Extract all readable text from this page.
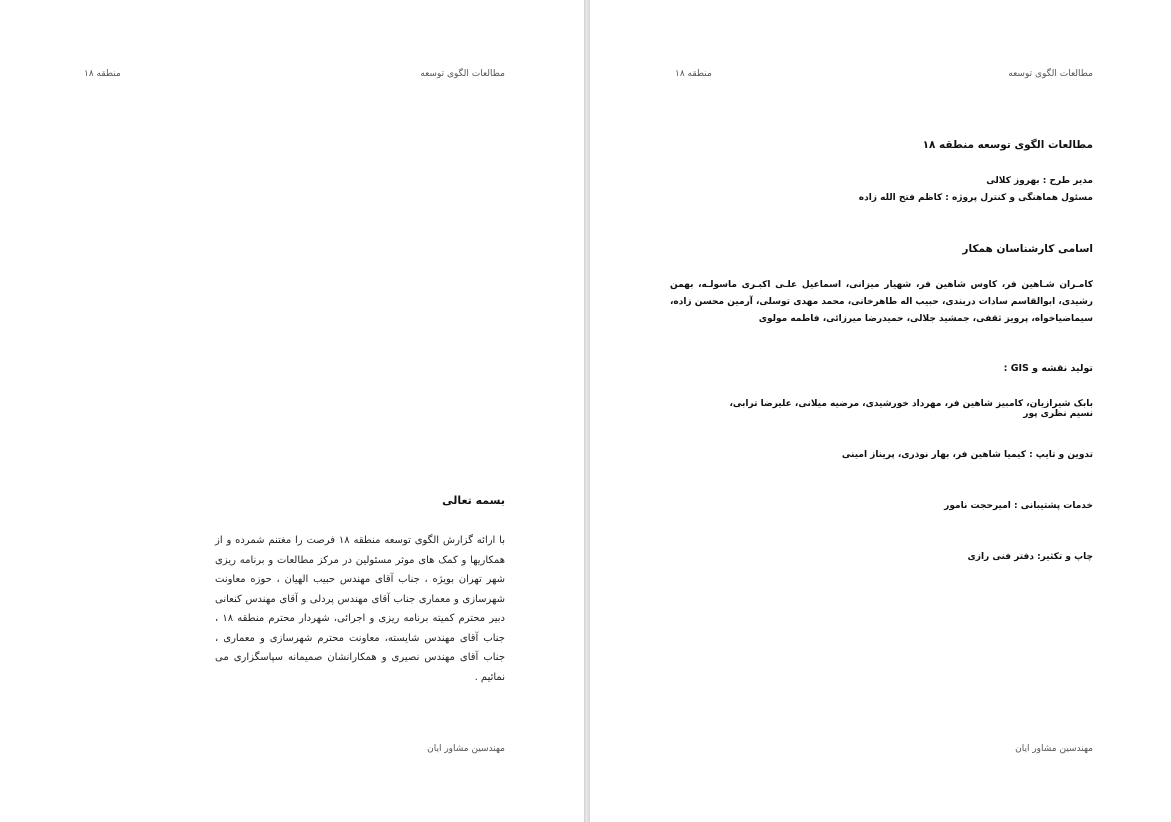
مطالعات الگوی توسعه
منطقه ۱۸
بسمه تعالی
با ارائه گزارش الگوی توسعه منطقه ۱۸ فرصت را مغتنم شمرده و از همکاریها و کمک های موثر مسئولین در مرکز مطالعات و برنامه ریزی شهر تهران بویژه ، جناب آقای مهندس حبیب الهیان ، حوزه معاونت شهرسازی و معماری جناب آقای مهندس پردلی و آقای مهندس کنعانی دبیر محترم کمیته برنامه ریزی و اجرائی، شهردار محترم منطقه ۱۸ ، جناب آقای مهندس شایسته، معاونت محترم شهرسازی و معماری ، جناب آقای مهندس نصیری و همکارانشان صمیمانه سپاسگزاری می نمائیم .
مهندسین مشاور ایان
مطالعات الگوی توسعه
منطقه ۱۸
مطالعات الگوی توسعه منطقه ۱۸
مدیر طرح : بهروز کلالی
مسئول هماهنگی و کنترل پروژه : کاظم فتح الله زاده
اسامی کارشناسان همکار
کامـران شـاهین فر، کاوس شاهین فر، شهیار میزانی، اسماعیل علـی اکبـری ماسولـه، بهمن رشیدی، ابوالقاسم سادات دربندی، حبیب اله طاهرخانی، محمد مهدی توسلی، آرمین محسن زاده، سیماضیاخواه، پرویز ثقفی، جمشید جلالی، حمیدرضا میرزائی، فاطمه مولوی
تولید نقشه و GIS :
بابک شیرازیان، کامبیز شاهین فر، مهرداد خورشیدی، مرضیه میلانی، علیرضا ترابی، نسیم نظری پور
تدوین و تایپ : کیمیا شاهین فر، بهار نوذری، پریناز امینی
خدمات پشتیبانی : امیرحجت نامور
چاپ و تکثیر: دفتر فنی رازی
مهندسین مشاور ایان
